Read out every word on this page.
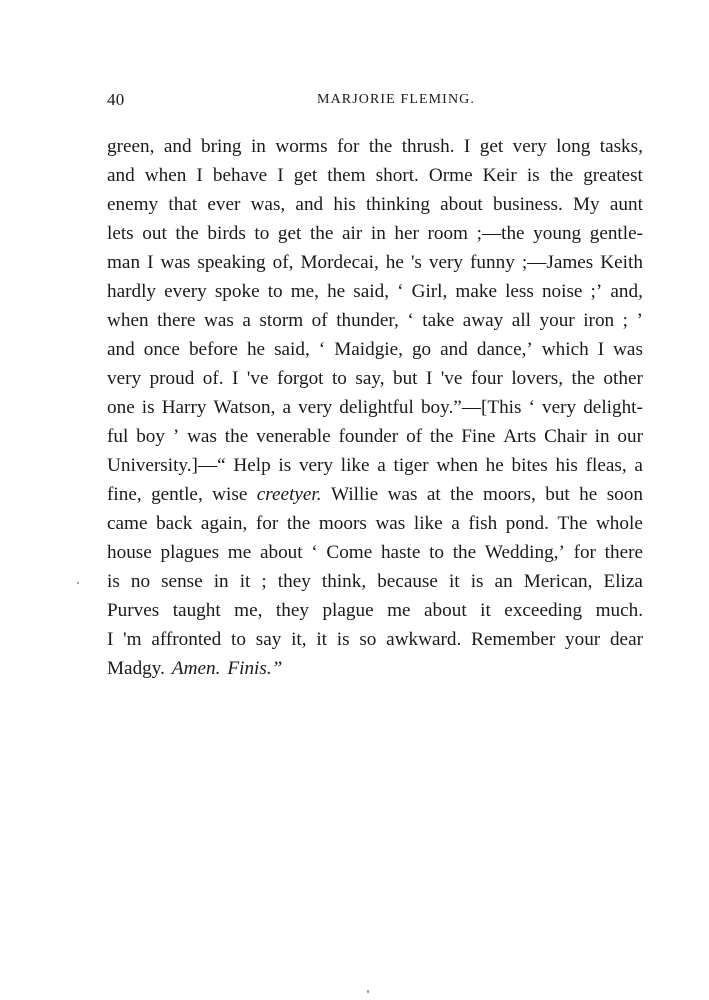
40	MARJORIE FLEMING.
green, and bring in worms for the thrush. I get very long tasks,
and when I behave I get them short. Orme Keir is the greatest
enemy that ever was, and his thinking about business. My aunt
lets out the birds to get the air in her room ;—the young gentle-
man I was speaking of, Mordecai, he 's very funny ;—James Keith
hardly every spoke to me, he said, ‘ Girl, make less noise ;’ and,
when there was a storm of thunder, ‘ take away all your iron ; ’
and once before he said, ‘ Maidgie, go and dance,’ which I was
very proud of. I 've forgot to say, but I 've four lovers, the other
one is Harry Watson, a very delightful boy.”—[This ‘ very delight-
ful boy ’ was the venerable founder of the Fine Arts Chair in our
University.]—“ Help is very like a tiger when he bites his fleas, a
fine, gentle, wise creetyer. Willie was at the moors, but he soon
came back again, for the moors was like a fish pond. The whole
house plagues me about ‘ Come haste to the Wedding,’ for there
is no sense in it ; they think, because it is an Merican, Eliza
Purves taught me, they plague me about it exceeding much.
I 'm affronted to say it, it is so awkward. Remember your dear
Madgy. Amen. Finis.”
